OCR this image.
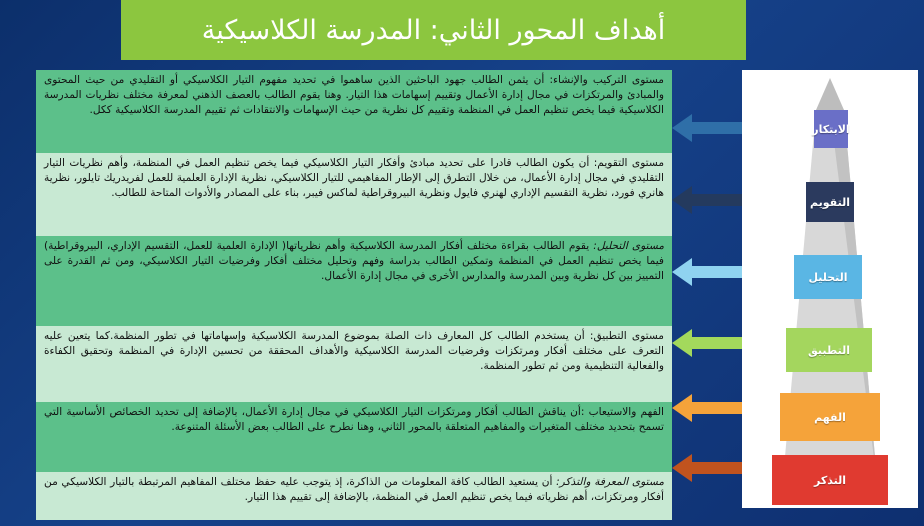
أهداف المحور الثاني: المدرسة الكلاسيكية
مستوى التركيب والإنشاء: أن يثمن الطالب جهود الباحثين الذين ساهموا في تحديد مفهوم التيار الكلاسيكي أو التقليدي من حيث المحتوى والمبادئ والمرتكزات في مجال إدارة الأعمال وتقييم إسهامات هذا التيار. وهنا يقوم الطالب بالعصف الذهني لمعرفة مختلف نظريات المدرسة الكلاسيكية فيما يخص تنظيم العمل في المنظمة وتقييم كل نظرية من حيث الإسهامات والانتقادات ثم تقييم المدرسة الكلاسيكية ككل.
مستوى التقويم: أن يكون الطالب قادرا على تحديد مبادئ وأفكار التيار الكلاسيكي فيما يخص تنظيم العمل في المنظمة، وأهم نظريات التيار التقليدي في مجال إدارة الأعمال، من خلال التطرق إلى الإطار المفاهيمي للتيار الكلاسيكي، نظرية الإدارة العلمية للعمل لفريدريك تايلور، نظرية هانري فورد، نظرية التقسيم الإداري لهنري فايول ونظرية البيروقراطية لماكس فيبر، بناء على المصادر والأدوات المتاحة للطالب.
مستوى التحليل: يقوم الطالب بقراءة مختلف أفكار المدرسة الكلاسيكية وأهم نظرياتها( الإدارة العلمية للعمل، التقسيم الإداري، البيروقراطية) فيما يخص تنظيم العمل في المنظمة وتمكين الطالب بدراسة وفهم وتحليل مختلف أفكار وفرضيات التيار الكلاسيكي، ومن ثم القدرة على التمييز بين كل نظرية وبين المدرسة والمدارس الأخرى في مجال إدارة الأعمال.
مستوى التطبيق: أن يستخدم الطالب كل المعارف ذات الصلة بموضوع المدرسة الكلاسيكية وإسهاماتها في تطور المنظمة.كما يتعين عليه التعرف على مختلف أفكار ومرتكزات وفرضيات المدرسة الكلاسيكية والأهداف المحققة من تحسين الإدارة في المنظمة وتحقيق الكفاءة والفعالية التنظيمية ومن ثم تطور المنظمة.
الفهم والاستيعاب :أن يناقش الطالب أفكار ومرتكزات التيار الكلاسيكي في مجال إدارة الأعمال، بالإضافة إلى تحديد الخصائص الأساسية التي تسمح بتحديد مختلف المتغيرات والمفاهيم المتعلقة بالمحور الثاني، وهنا نطرح على الطالب بعض الأسئلة المتنوعة.
مستوى المعرفة والتذكر: أن يستعيد الطالب كافة المعلومات من الذاكرة، إذ يتوجب عليه حفظ مختلف المفاهيم المرتبطة بالتيار الكلاسيكي من أفكار ومرتكزات، أهم نظرياته فيما يخص تنظيم العمل في المنظمة، بالإضافة إلى تقييم هذا التيار.
الابتكار
التقويم
التحليل
التطبيق
الفهم
التذكر
